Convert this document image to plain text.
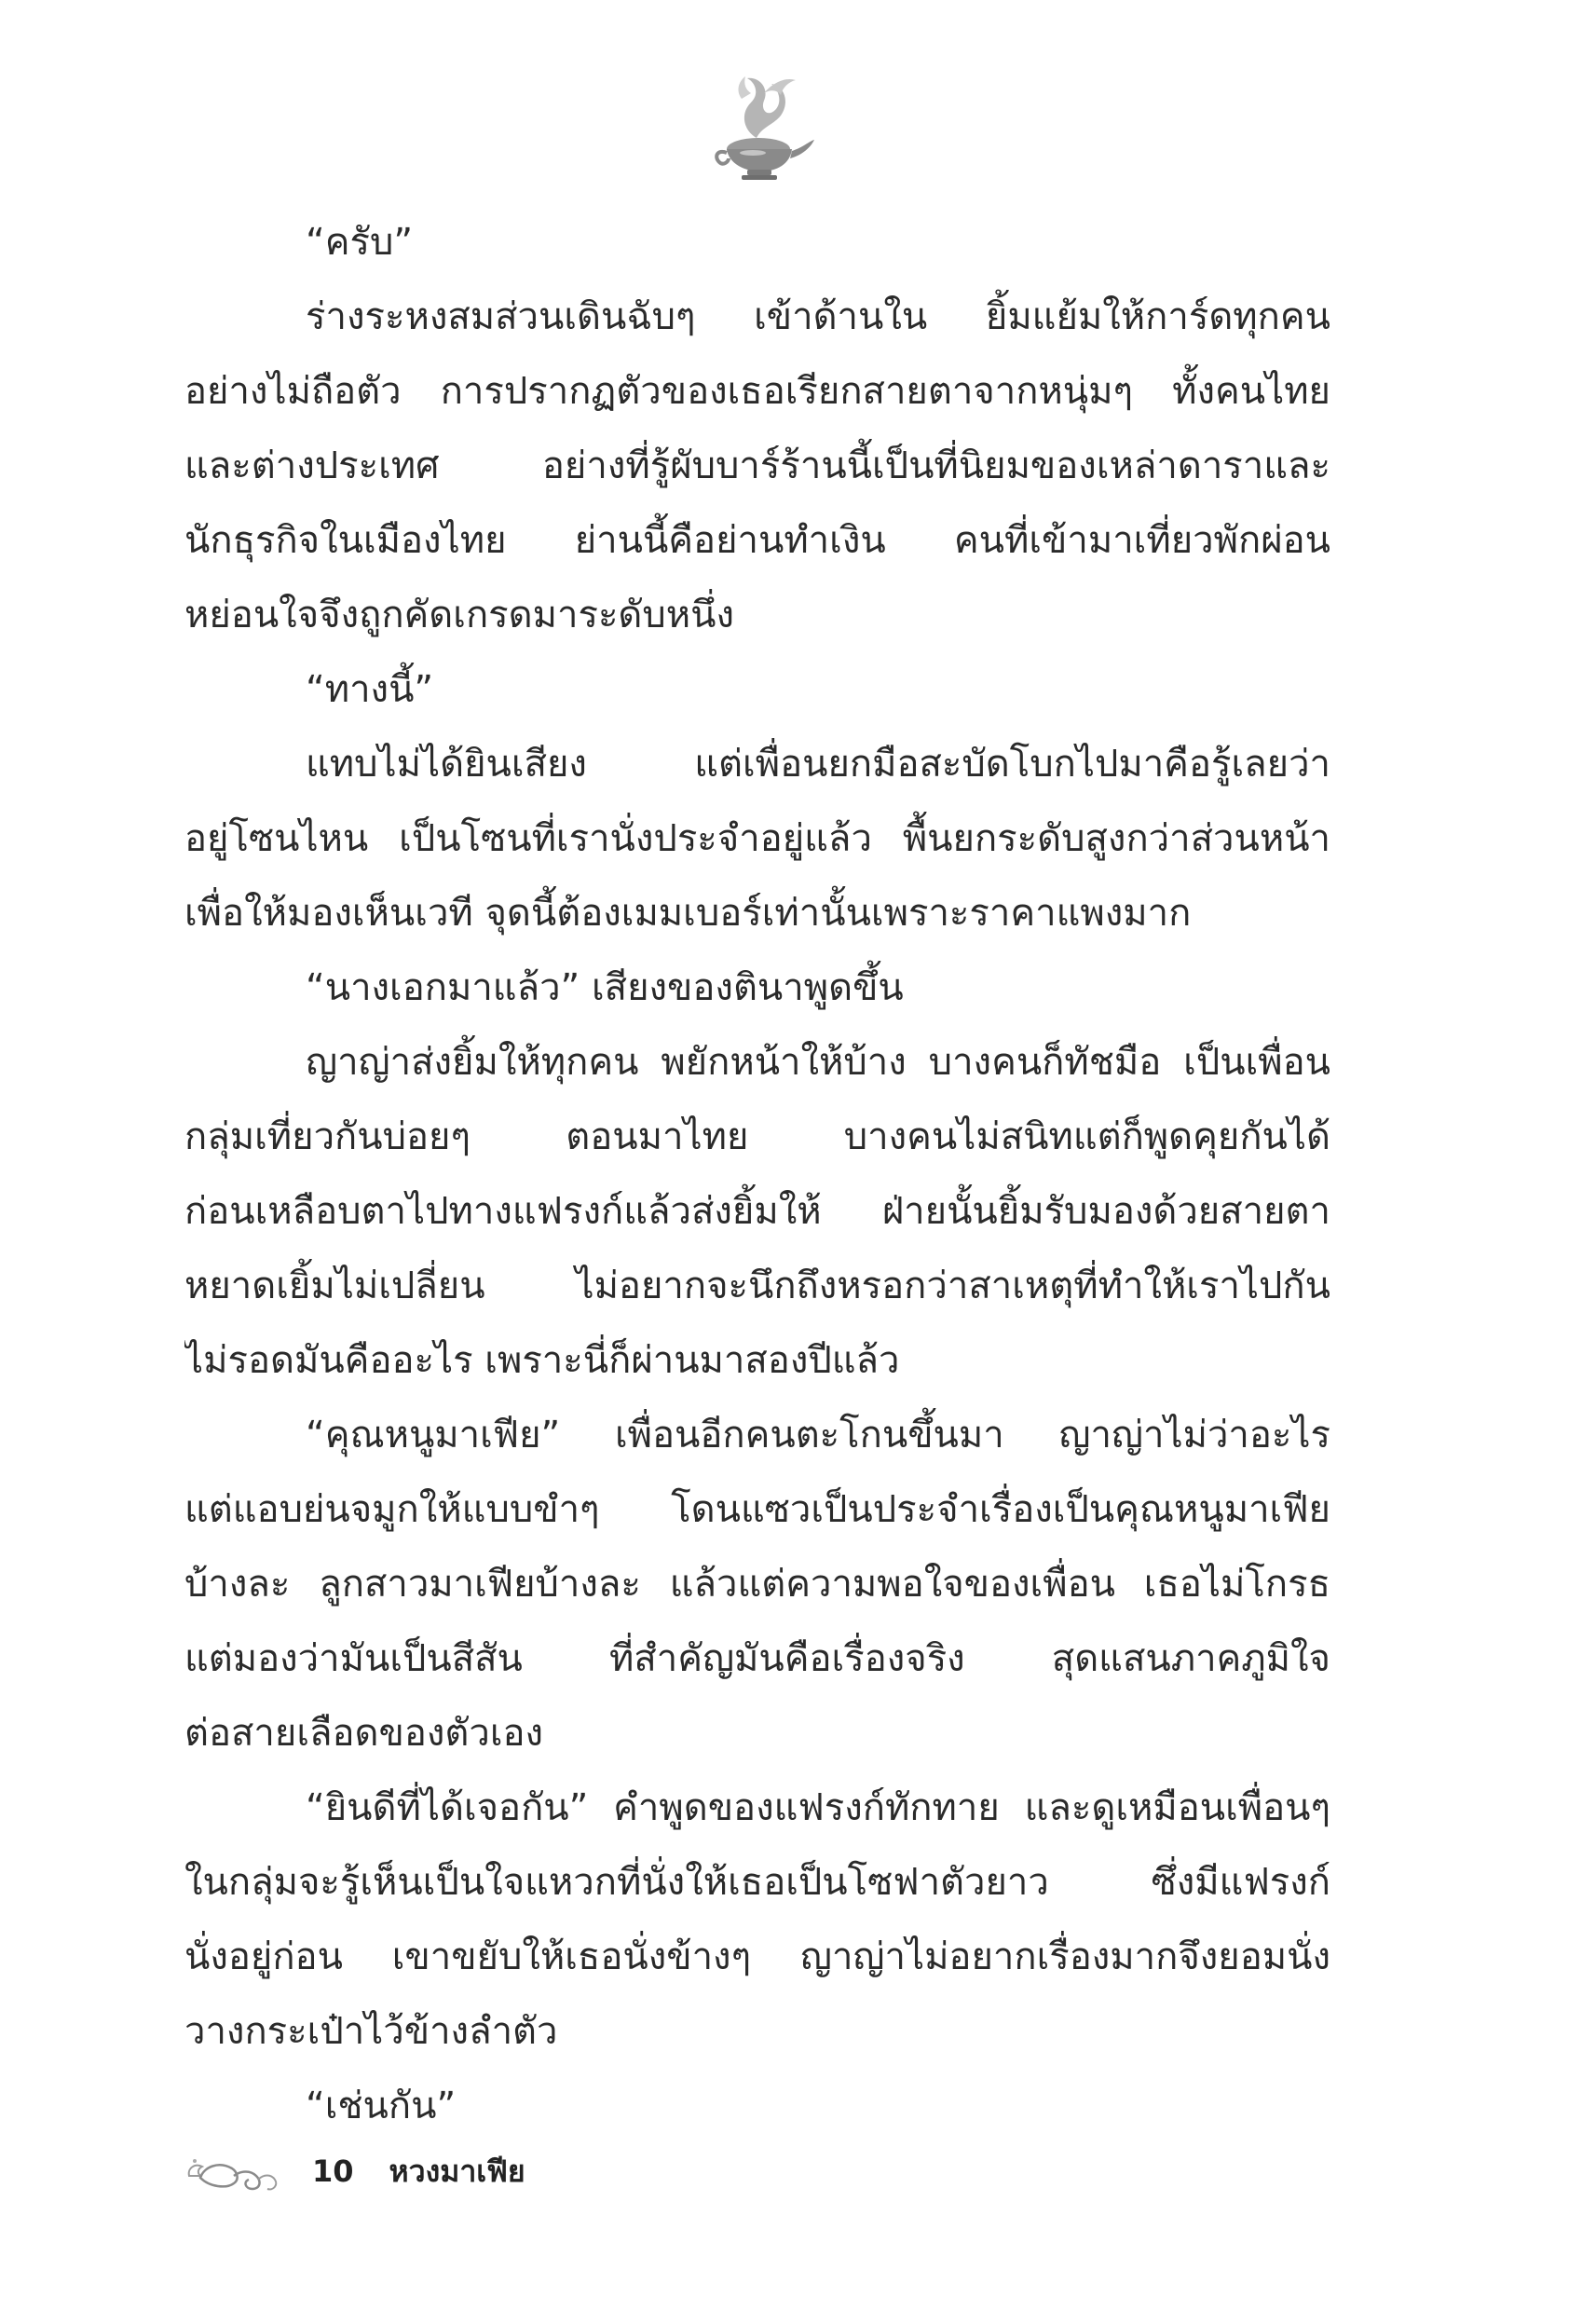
“ครับ”
ร่างระหงสมส่วนเดินฉับๆ เข้าด้านใน ยิ้มแย้มให้การ์ดทุกคน
อย่างไม่ถือตัว การปรากฏตัวของเธอเรียกสายตาจากหนุ่มๆ ทั้งคนไทย
และต่างประเทศ อย่างที่รู้ผับบาร์ร้านนี้เป็นที่นิยมของเหล่าดาราและ
นักธุรกิจในเมืองไทย ย่านนี้คือย่านทำเงิน คนที่เข้ามาเที่ยวพักผ่อน
หย่อนใจจึงถูกคัดเกรดมาระดับหนึ่ง
“ทางนี้”
แทบไม่ได้ยินเสียง แต่เพื่อนยกมือสะบัดโบกไปมาคือรู้เลยว่า
อยู่โซนไหน เป็นโซนที่เรานั่งประจำอยู่แล้ว พื้นยกระดับสูงกว่าส่วนหน้า
เพื่อให้มองเห็นเวที จุดนี้ต้องเมมเบอร์เท่านั้นเพราะราคาแพงมาก
“นางเอกมาแล้ว” เสียงของตินาพูดขึ้น
ญาญ่าส่งยิ้มให้ทุกคน พยักหน้าให้บ้าง บางคนก็ทัชมือ เป็นเพื่อน
กลุ่มเที่ยวกันบ่อยๆ ตอนมาไทย บางคนไม่สนิทแต่ก็พูดคุยกันได้
ก่อนเหลือบตาไปทางแฟรงก์แล้วส่งยิ้มให้ ฝ่ายนั้นยิ้มรับมองด้วยสายตา
หยาดเยิ้มไม่เปลี่ยน ไม่อยากจะนึกถึงหรอกว่าสาเหตุที่ทำให้เราไปกัน
ไม่รอดมันคืออะไร เพราะนี่ก็ผ่านมาสองปีแล้ว
“คุณหนูมาเฟีย” เพื่อนอีกคนตะโกนขึ้นมา ญาญ่าไม่ว่าอะไร
แต่แอบย่นจมูกให้แบบขำๆ โดนแซวเป็นประจำเรื่องเป็นคุณหนูมาเฟีย
บ้างละ ลูกสาวมาเฟียบ้างละ แล้วแต่ความพอใจของเพื่อน เธอไม่โกรธ
แต่มองว่ามันเป็นสีสัน ที่สำคัญมันคือเรื่องจริง สุดแสนภาคภูมิใจ
ต่อสายเลือดของตัวเอง
“ยินดีที่ได้เจอกัน” คำพูดของแฟรงก์ทักทาย และดูเหมือนเพื่อนๆ
ในกลุ่มจะรู้เห็นเป็นใจแหวกที่นั่งให้เธอเป็นโซฟาตัวยาว ซึ่งมีแฟรงก์
นั่งอยู่ก่อน เขาขยับให้เธอนั่งข้างๆ ญาญ่าไม่อยากเรื่องมากจึงยอมนั่ง
วางกระเป๋าไว้ข้างลำตัว
“เช่นกัน”
10 หวงมาเฟีย
